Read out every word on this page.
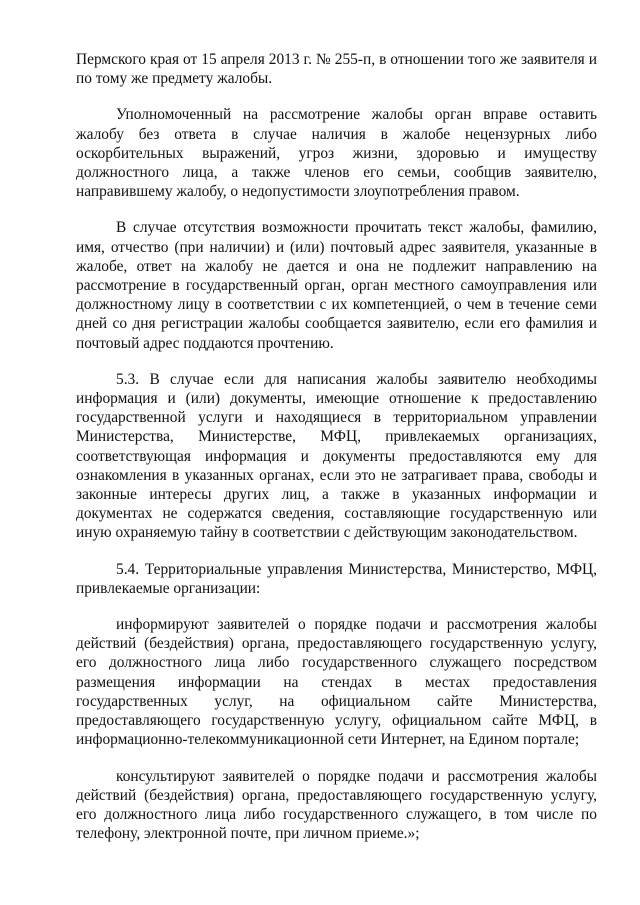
Пермского края от 15 апреля 2013 г. № 255-п, в отношении того же заявителя и по тому же предмету жалобы.

Уполномоченный на рассмотрение жалобы орган вправе оставить жалобу без ответа в случае наличия в жалобе нецензурных либо оскорбительных выражений, угроз жизни, здоровью и имуществу должностного лица, а также членов его семьи, сообщив заявителю, направившему жалобу, о недопустимости злоупотребления правом.

В случае отсутствия возможности прочитать текст жалобы, фамилию, имя, отчество (при наличии) и (или) почтовый адрес заявителя, указанные в жалобе, ответ на жалобу не дается и она не подлежит направлению на рассмотрение в государственный орган, орган местного самоуправления или должностному лицу в соответствии с их компетенцией, о чем в течение семи дней со дня регистрации жалобы сообщается заявителю, если его фамилия и почтовый адрес поддаются прочтению.

5.3. В случае если для написания жалобы заявителю необходимы информация и (или) документы, имеющие отношение к предоставлению государственной услуги и находящиеся в территориальном управлении Министерства, Министерстве, МФЦ, привлекаемых организациях, соответствующая информация и документы предоставляются ему для ознакомления в указанных органах, если это не затрагивает права, свободы и законные интересы других лиц, а также в указанных информации и документах не содержатся сведения, составляющие государственную или иную охраняемую тайну в соответствии с действующим законодательством.

5.4. Территориальные управления Министерства, Министерство, МФЦ, привлекаемые организации:

информируют заявителей о порядке подачи и рассмотрения жалобы действий (бездействия) органа, предоставляющего государственную услугу, его должностного лица либо государственного служащего посредством размещения информации на стендах в местах предоставления государственных услуг, на официальном сайте Министерства, предоставляющего государственную услугу, официальном сайте МФЦ, в информационно-телекоммуникационной сети Интернет, на Едином портале;

консультируют заявителей о порядке подачи и рассмотрения жалобы действий (бездействия) органа, предоставляющего государственную услугу, его должностного лица либо государственного служащего, в том числе по телефону, электронной почте, при личном приеме.»;
